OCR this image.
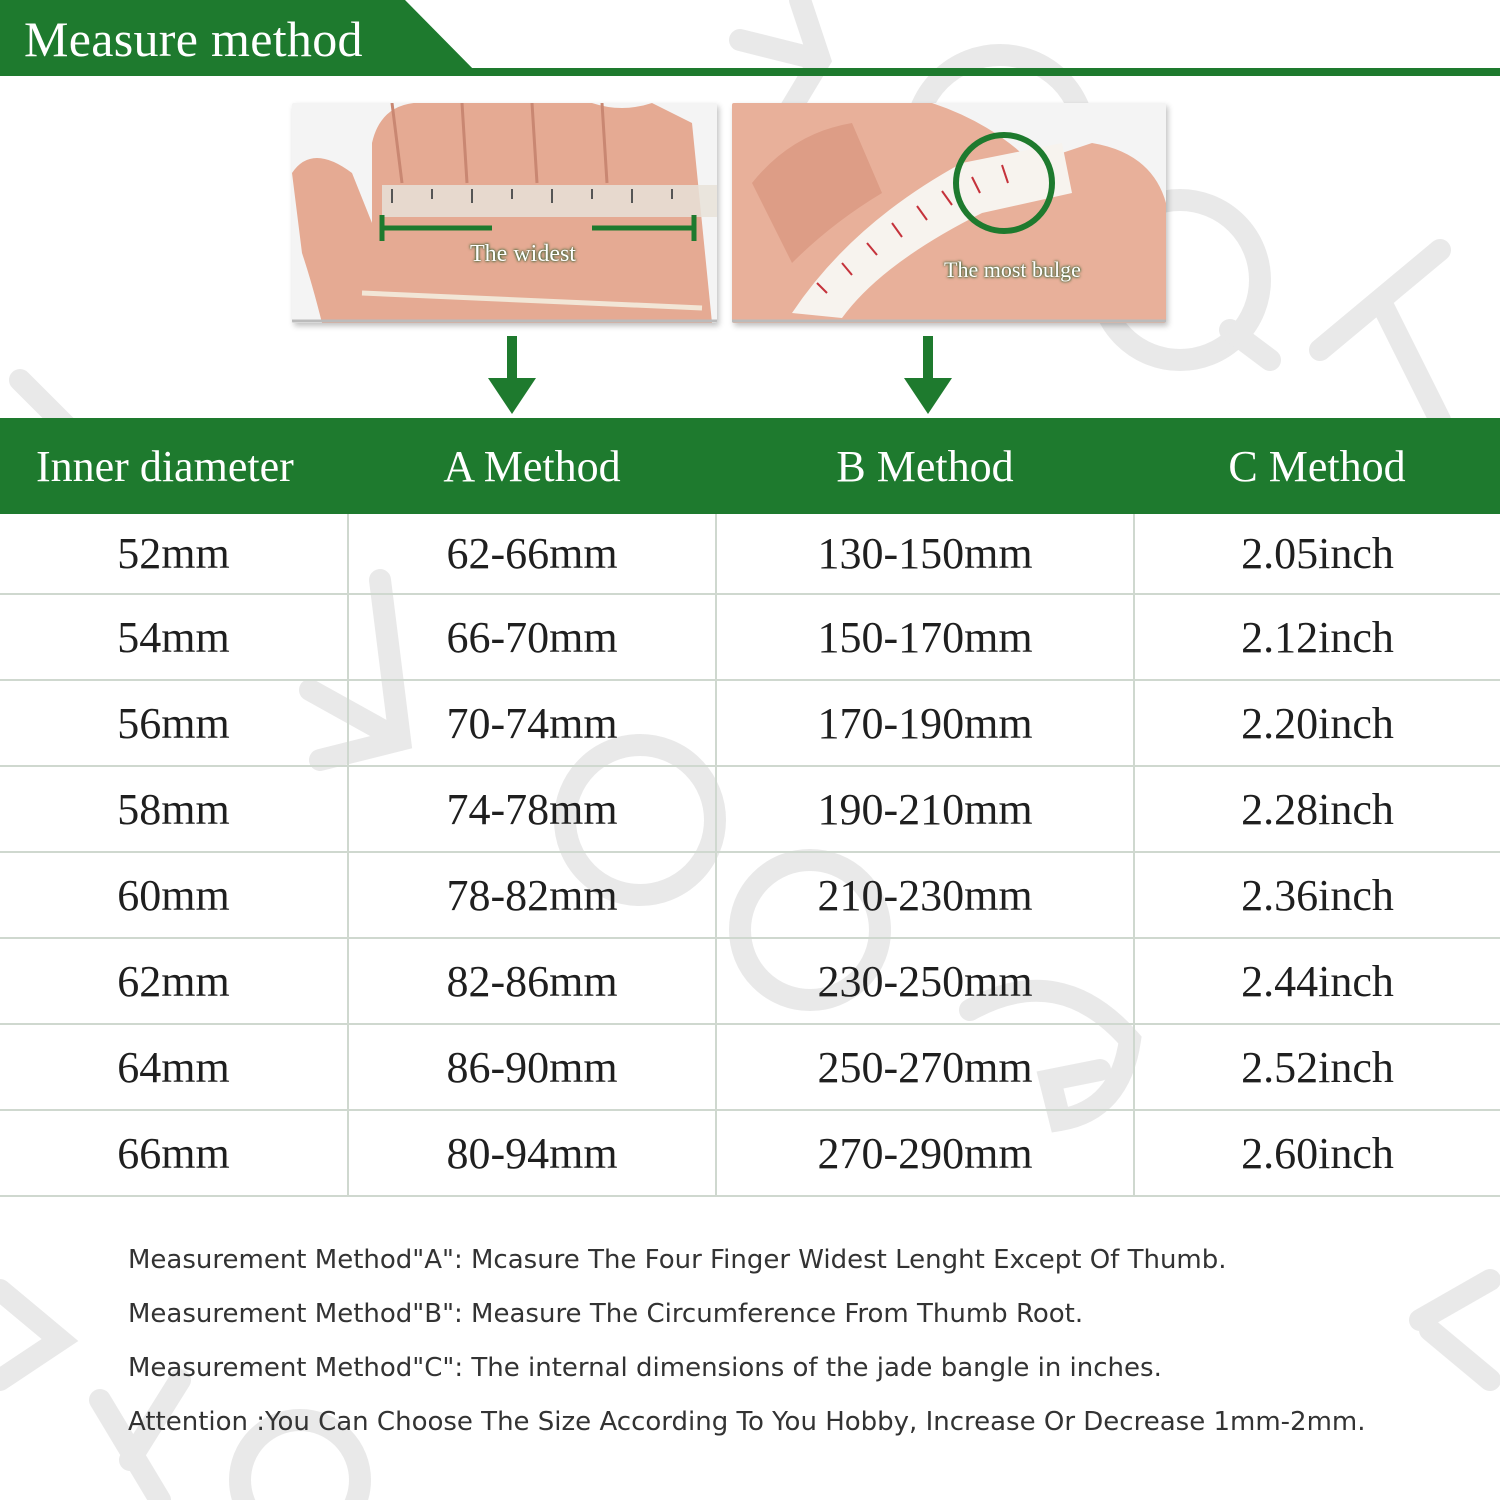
Measure method
The widest
The most bulge
Inner diameter	A Method	B Method	C Method
52mm	62-66mm	130-150mm	2.05inch
54mm	66-70mm	150-170mm	2.12inch
56mm	70-74mm	170-190mm	2.20inch
58mm	74-78mm	190-210mm	2.28inch
60mm	78-82mm	210-230mm	2.36inch
62mm	82-86mm	230-250mm	2.44inch
64mm	86-90mm	250-270mm	2.52inch
66mm	80-94mm	270-290mm	2.60inch

Measurement Method"A": Mcasure The Four Finger Widest Lenght Except Of Thumb.

Measurement Method"B": Measure The Circumference From Thumb Root.

Measurement Method"C": The internal dimensions of the jade bangle in inches.

Attention :You Can Choose The Size According To You Hobby, Increase Or Decrease 1mm-2mm.
